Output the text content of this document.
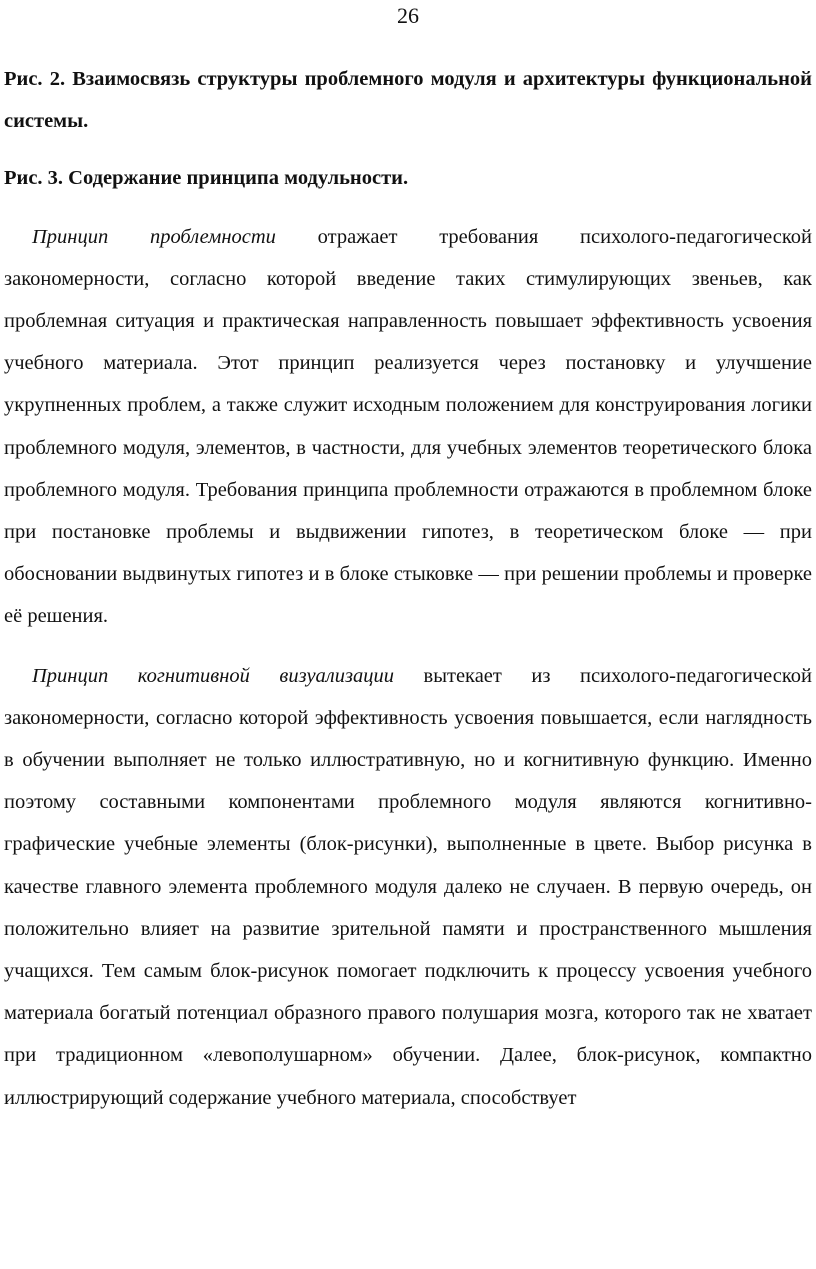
26

Рис. 2. Взаимосвязь структуры проблемного модуля и архитектуры функциональной системы.

Рис. 3. Содержание принципа модульности.

Принцип проблемности отражает требования психолого-педагогической закономерности, согласно которой введение таких стимулирующих звеньев, как проблемная ситуация и практическая направленность повышает эффективность усвоения учебного материала. Этот принцип реализуется через постановку и улучшение укрупненных проблем, а также служит исходным положением для конструирования логики проблемного модуля, элементов, в частности, для учебных элементов теоретического блока проблемного модуля. Требования принципа проблемности отражаются в проблемном блоке при постановке проблемы и выдвижении гипотез, в теоретическом блоке — при обосновании выдвинутых гипотез и в блоке стыковке — при решении проблемы и проверке её решения.

Принцип когнитивной визуализации вытекает из психолого-педагогической закономерности, согласно которой эффективность усвоения повышается, если наглядность в обучении выполняет не только иллюстративную, но и когнитивную функцию. Именно поэтому составными компонентами проблемного модуля являются когнитивно-графические учебные элементы (блок-рисунки), выполненные в цвете. Выбор рисунка в качестве главного элемента проблемного модуля далеко не случаен. В первую очередь, он положительно влияет на развитие зрительной памяти и пространственного мышления учащихся. Тем самым блок-рисунок помогает подключить к процессу усвоения учебного материала богатый потенциал образного правого полушария мозга, которого так не хватает при традиционном «левополушарном» обучении. Далее, блок-рисунок, компактно иллюстрирующий содержание учебного материала, способствует
